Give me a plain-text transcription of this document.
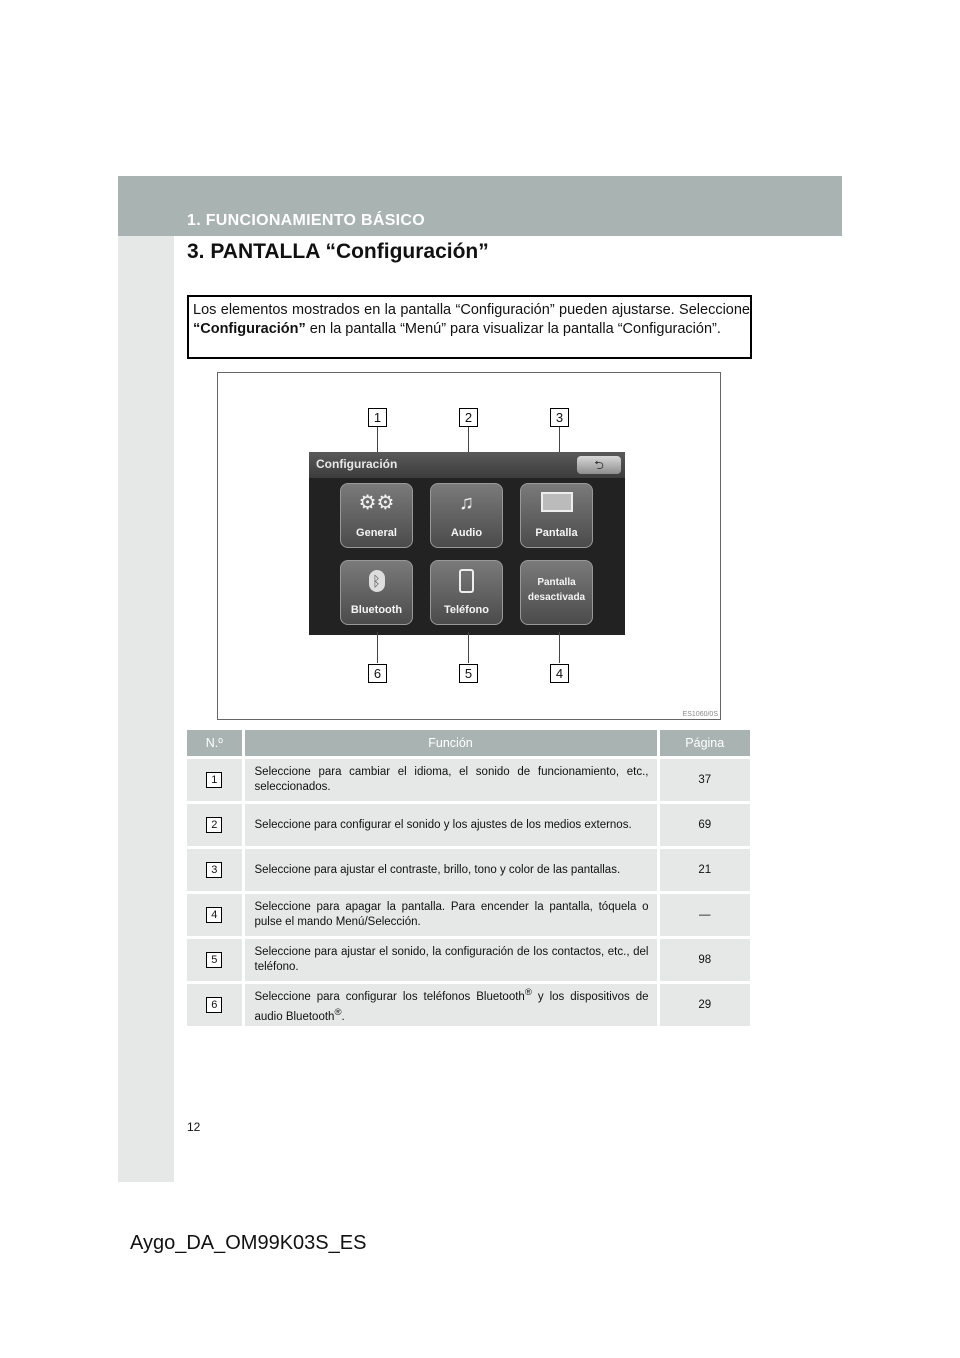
1. FUNCIONAMIENTO BÁSICO
3. PANTALLA “Configuración”

Los elementos mostrados en la pantalla “Configuración” pueden ajustarse. Seleccione “Configuración” en la pantalla “Menú” para visualizar la pantalla “Configuración”.

1	2	3
Configuración	⮌
⚙⚙
General
♫
Audio	Pantalla
ᛒ
Bluetooth	Teléfono
Pantalla
desactivada
6	5	4
ES1060/0S
N.º	Función	Página
1	Seleccione para cambiar el idioma, el sonido de funcionamiento, etc., seleccionados.	37
2	Seleccione para configurar el sonido y los ajustes de los medios externos.	69
3	Seleccione para ajustar el contraste, brillo, tono y color de las pantallas.	21
4	Seleccione para apagar la pantalla. Para encender la pantalla, tóquela o pulse el mando Menú/Selección.	—
5	Seleccione para ajustar el sonido, la configuración de los contactos, etc., del teléfono.	98
6	Seleccione para configurar los teléfonos Bluetooth® y los dispositivos de audio Bluetooth®.	29
12
Aygo_DA_OM99K03S_ES
